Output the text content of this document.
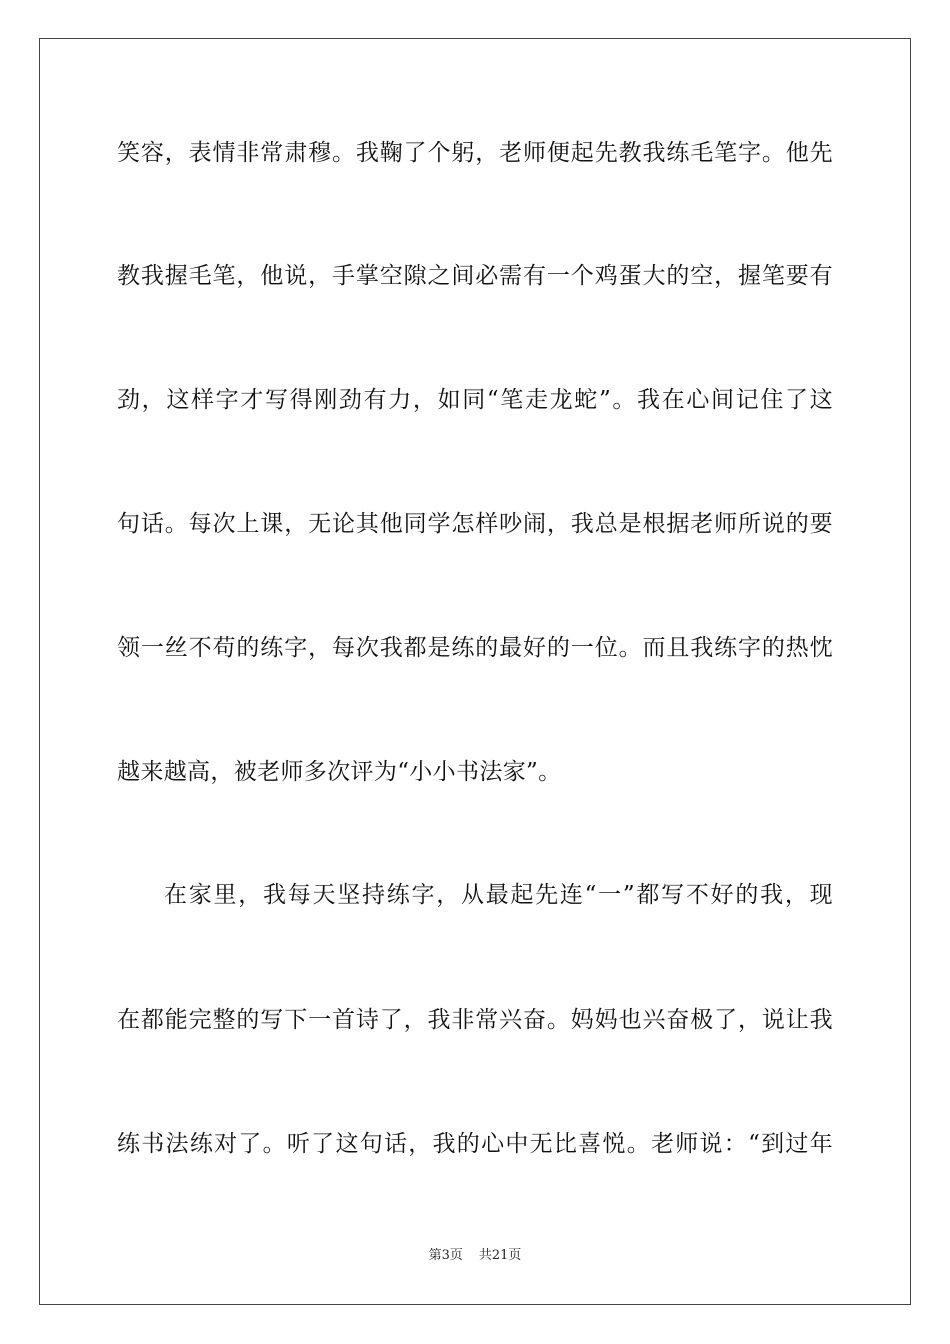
笑容，表情非常肃穆。我鞠了个躬，老师便起先教我练毛笔字。他先
教我握毛笔，他说，手掌空隙之间必需有一个鸡蛋大的空，握笔要有
劲，这样字才写得刚劲有力，如同“笔走龙蛇”。我在心间记住了这
句话。每次上课，无论其他同学怎样吵闹，我总是根据老师所说的要
领一丝不苟的练字，每次我都是练的最好的一位。而且我练字的热忱
越来越高，被老师多次评为“小小书法家”。
在家里，我每天坚持练字，从最起先连“一”都写不好的我，现
在都能完整的写下一首诗了，我非常兴奋。妈妈也兴奋极了，说让我
练书法练对了。听了这句话，我的心中无比喜悦。老师说：“到过年
第3页 共21页
